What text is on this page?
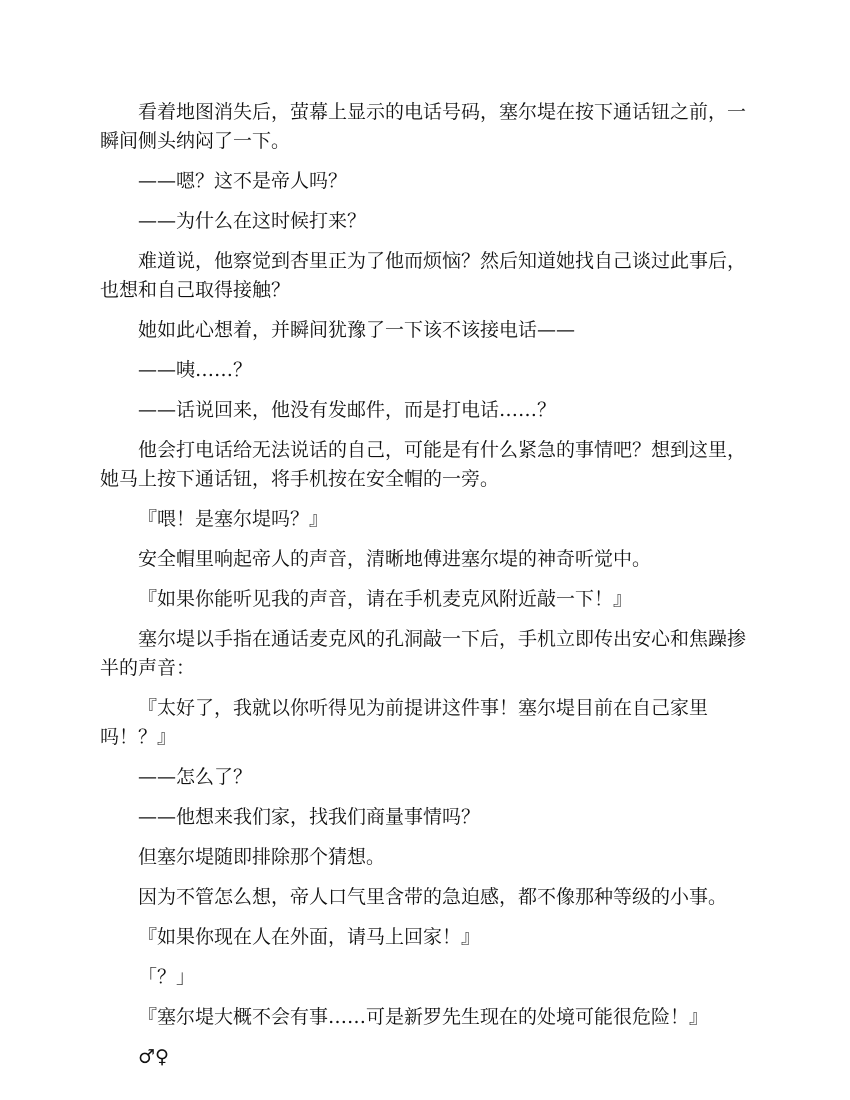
看着地图消失后，萤幕上显示的电话号码，塞尔堤在按下通话钮之前，一瞬间侧头纳闷了一下。

——嗯？这不是帝人吗？

——为什么在这时候打来？

难道说，他察觉到杏里正为了他而烦恼？然后知道她找自己谈过此事后，也想和自己取得接触？

她如此心想着，并瞬间犹豫了一下该不该接电话——

——咦……？

——话说回来，他没有发邮件，而是打电话……？

他会打电话给无法说话的自己，可能是有什么紧急的事情吧？想到这里，她马上按下通话钮，将手机按在安全帽的一旁。

『喂！是塞尔堤吗？』

安全帽里响起帝人的声音，清晰地傅进塞尔堤的神奇听觉中。

『如果你能听见我的声音，请在手机麦克风附近敲一下！』

塞尔堤以手指在通话麦克风的孔洞敲一下后，手机立即传出安心和焦躁掺半的声音：

『太好了，我就以你听得见为前提讲这件事！塞尔堤目前在自己家里吗！？』

——怎么了？

——他想来我们家，找我们商量事情吗？

但塞尔堤随即排除那个猜想。

因为不管怎么想，帝人口气里含带的急迫感，都不像那种等级的小事。

『如果你现在人在外面，请马上回家！』

「？」

『塞尔堤大概不会有事……可是新罗先生现在的处境可能很危险！』

♂♀
